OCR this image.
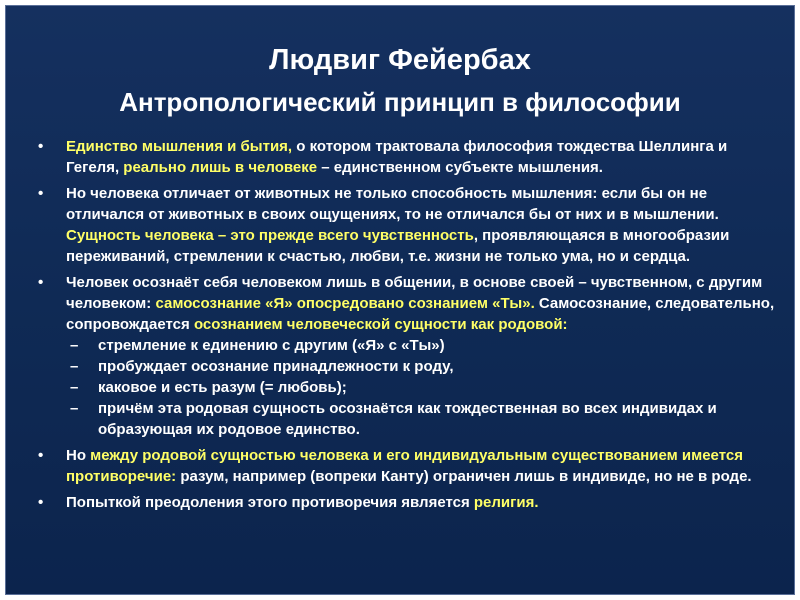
Людвиг Фейербах
Антропологический принцип в философии
• Единство мышления и бытия, о котором трактовала философия тождества Шеллинга и Гегеля, реально лишь в человеке – единственном субъекте мышления.
• Но человека отличает от животных не только способность мышления: если бы он не отличался от животных в своих ощущениях, то не отличался бы от них и в мышлении. Сущность человека – это прежде всего чувственность, проявляющаяся в многообразии переживаний, стремлении к счастью, любви, т.е. жизни не только ума, но и сердца.
• Человек осознаёт себя человеком лишь в общении, в основе своей – чувственном, с другим человеком: самосознание «Я» опосредовано сознанием «Ты». Самосознание, следовательно, сопровождается осознанием человеческой сущности как родовой:
– стремление к единению с другим («Я» с «Ты»)
– пробуждает осознание принадлежности к роду,
– каковое и есть разум (= любовь);
– причём эта родовая сущность осознаётся как тождественная во всех индивидах и образующая их родовое единство.
• Но между родовой сущностью человека и его индивидуальным существованием имеется противоречие: разум, например (вопреки Канту) ограничен лишь в индивиде, но не в роде.
• Попыткой преодоления этого противоречия является религия.
